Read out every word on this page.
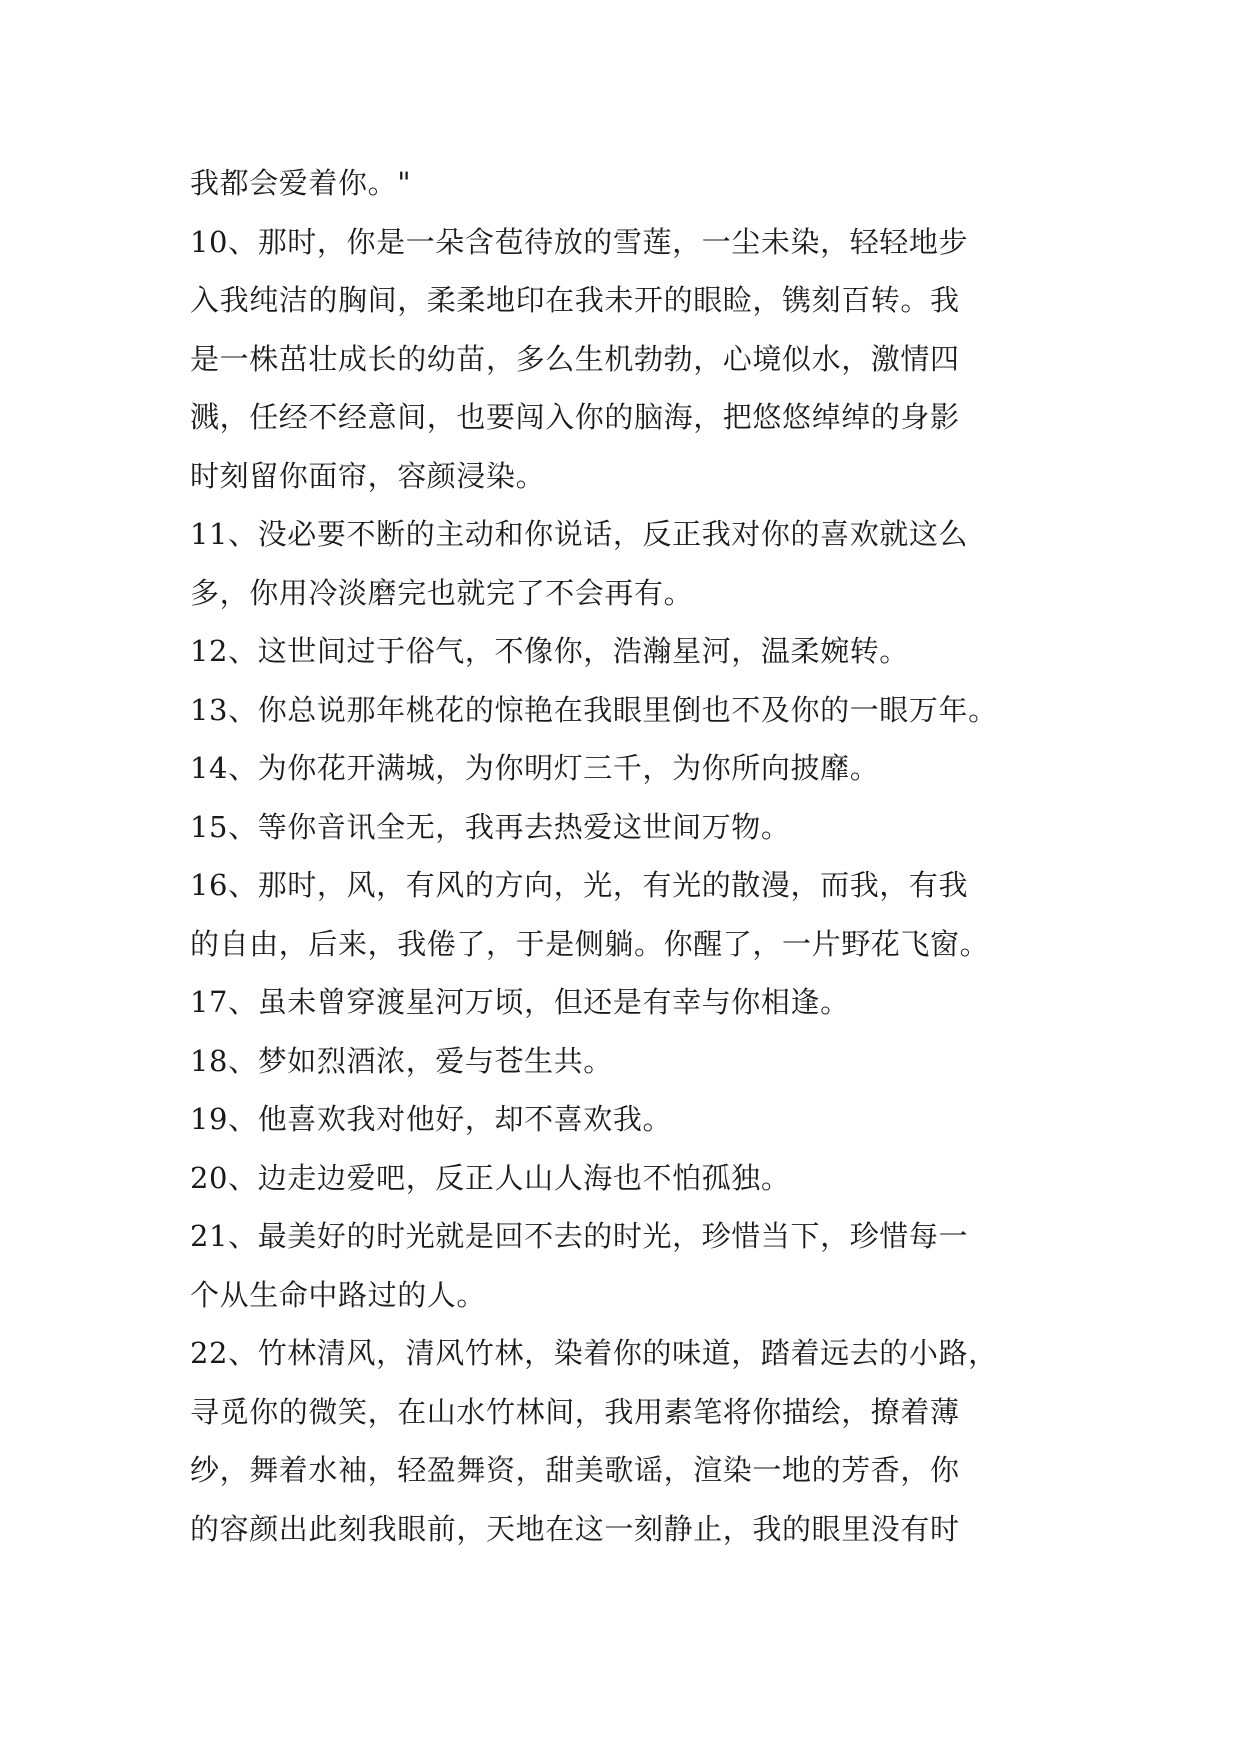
我都会爱着你。"
10、那时，你是一朵含苞待放的雪莲，一尘未染，轻轻地步
入我纯洁的胸间，柔柔地印在我未开的眼睑，镌刻百转。我
是一株茁壮成长的幼苗，多么生机勃勃，心境似水，激情四
溅，任经不经意间，也要闯入你的脑海，把悠悠绰绰的身影
时刻留你面帘，容颜浸染。
11、没必要不断的主动和你说话，反正我对你的喜欢就这么
多，你用冷淡磨完也就完了不会再有。
12、这世间过于俗气，不像你，浩瀚星河，温柔婉转。
13、你总说那年桃花的惊艳在我眼里倒也不及你的一眼万年。
14、为你花开满城，为你明灯三千，为你所向披靡。
15、等你音讯全无，我再去热爱这世间万物。
16、那时，风，有风的方向，光，有光的散漫，而我，有我
的自由，后来，我倦了，于是侧躺。你醒了，一片野花飞窗。
17、虽未曾穿渡星河万顷，但还是有幸与你相逢。
18、梦如烈酒浓，爱与苍生共。
19、他喜欢我对他好，却不喜欢我。
20、边走边爱吧，反正人山人海也不怕孤独。
21、最美好的时光就是回不去的时光，珍惜当下，珍惜每一
个从生命中路过的人。
22、竹林清风，清风竹林，染着你的味道，踏着远去的小路，
寻觅你的微笑，在山水竹林间，我用素笔将你描绘，撩着薄
纱，舞着水袖，轻盈舞资，甜美歌谣，渲染一地的芳香，你
的容颜出此刻我眼前，天地在这一刻静止，我的眼里没有时
